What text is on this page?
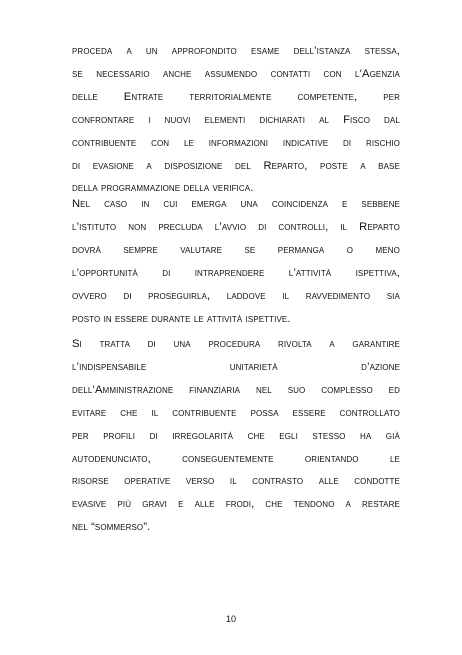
proceda a un approfondito esame dell’istanza stessa,
se necessario anche assumendo contatti con l’Agenzia
delle Entrate territorialmente competente, per
confrontare i nuovi elementi dichiarati al Fisco dal
contribuente con le informazioni indicative di rischio
di evasione a disposizione del Reparto, poste a base
della programmazione della verifica.
Nel caso in cui emerga una coincidenza e sebbene
l’istituto non precluda l’avvio di controlli, il Reparto
dovrà sempre valutare se permanga o meno
l’opportunità di intraprendere l’attività ispettiva,
ovvero di proseguirla, laddove il ravvedimento sia
posto in essere durante le attività ispettive.
Si tratta di una procedura rivolta a garantire
l’indispensabile	unitarietà	d’azione
dell’Amministrazione finanziaria nel suo complesso ed
evitare che il contribuente possa essere controllato
per profili di irregolarità che egli stesso ha già
autodenunciato,	conseguentemente	orientando	le
risorse operative verso il contrasto alle condotte
evasive più gravi e alle frodi, che tendono a restare
nel “sommerso”.
10
